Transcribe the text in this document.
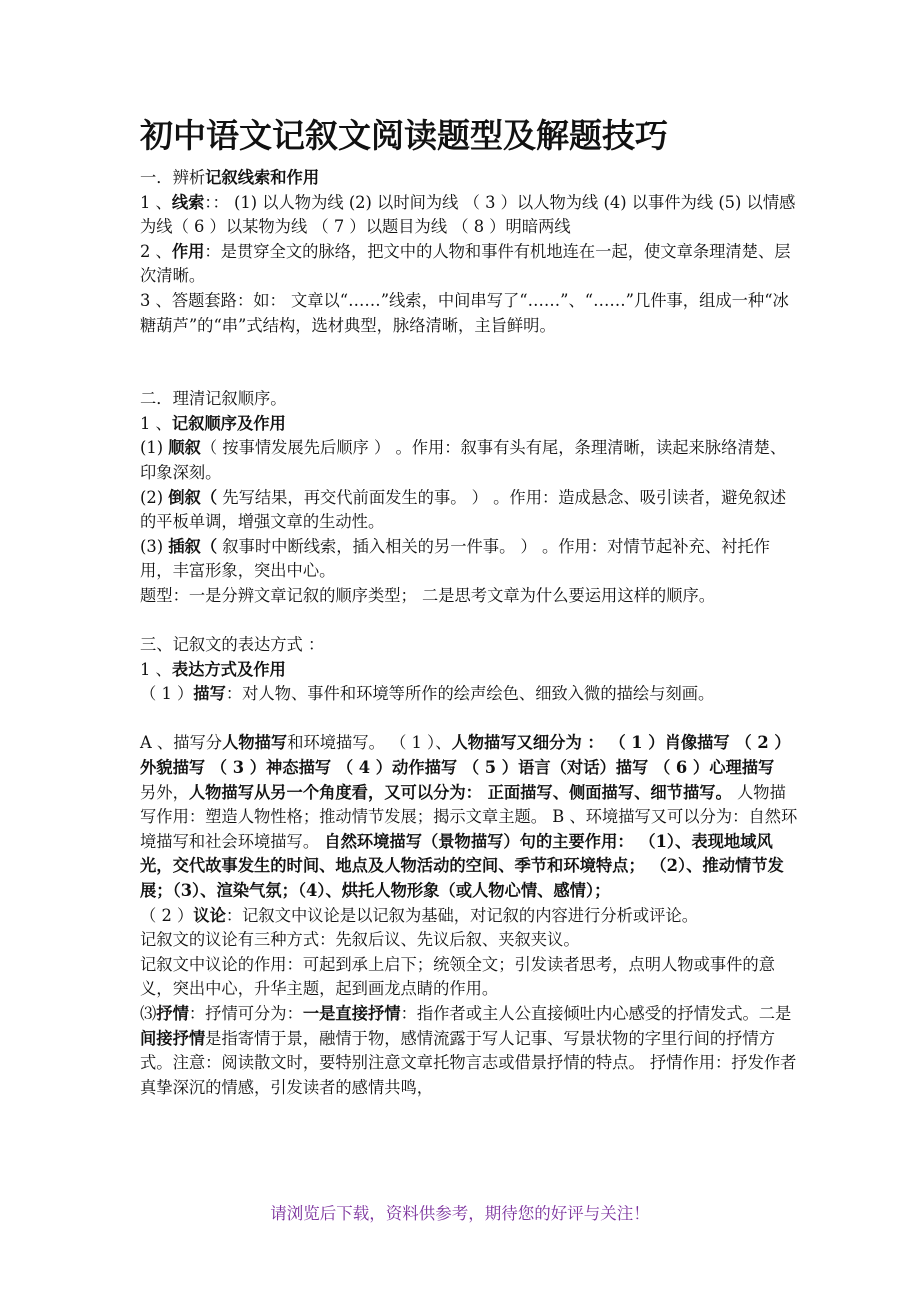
初中语文记叙文阅读题型及解题技巧

一．辨析记叙线索和作用

1 、线索：： (1) 以人物为线 (2) 以时间为线 （ 3 ）以人物为线 (4) 以事件为线 (5) 以情感为线（ 6 ）以某物为线 （ 7 ）以题目为线 （ 8 ）明暗两线

2 、作用：是贯穿全文的脉络，把文中的人物和事件有机地连在一起，使文章条理清楚、层次清晰。

3 、答题套路：如： 文章以“……”线索，中间串写了“……”、“……”几件事，组成一种“冰糖葫芦”的“串”式结构，选材典型，脉络清晰，主旨鲜明。

二．理清记叙顺序。

1 、记叙顺序及作用

(1) 顺叙（ 按事情发展先后顺序 ） 。作用：叙事有头有尾，条理清晰，读起来脉络清楚、印象深刻。

(2) 倒叙（ 先写结果，再交代前面发生的事。 ） 。作用：造成悬念、吸引读者，避免叙述的平板单调，增强文章的生动性。

(3) 插叙（ 叙事时中断线索，插入相关的另一件事。 ） 。作用：对情节起补充、衬托作用，丰富形象，突出中心。

题型：一是分辨文章记叙的顺序类型； 二是思考文章为什么要运用这样的顺序。

三、记叙文的表达方式 ：

1 、表达方式及作用

（ 1 ）描写：对人物、事件和环境等所作的绘声绘色、细致入微的描绘与刻画。

A 、描写分人物描写和环境描写。 （ 1 ）、人物描写又细分为 ： （ 1 ）肖像描写 （ 2 ）外貌描写 （ 3 ）神态描写 （ 4 ）动作描写 （ 5 ）语言（对话）描写 （ 6 ）心理描写

另外，人物描写从另一个角度看，又可以分为： 正面描写、侧面描写、细节描写。 人物描写作用：塑造人物性格；推动情节发展；揭示文章主题。 B 、环境描写又可以分为：自然环境描写和社会环境描写。 自然环境描写（景物描写）句的主要作用： （1）、表现地域风光，交代故事发生的时间、地点及人物活动的空间、季节和环境特点； （2）、推动情节发展；（3）、渲染气氛；（4）、烘托人物形象（或人物心情、感情）；

（ 2 ）议论：记叙文中议论是以记叙为基础，对记叙的内容进行分析或评论。

记叙文的议论有三种方式：先叙后议、先议后叙、夹叙夹议。

记叙文中议论的作用：可起到承上启下；统领全文；引发读者思考，点明人物或事件的意义，突出中心，升华主题，起到画龙点睛的作用。

⑶抒情：抒情可分为：一是直接抒情：指作者或主人公直接倾吐内心感受的抒情发式。二是间接抒情是指寄情于景，融情于物，感情流露于写人记事、写景状物的字里行间的抒情方式。注意：阅读散文时，要特别注意文章托物言志或借景抒情的特点。 抒情作用：抒发作者真挚深沉的情感，引发读者的感情共鸣，

请浏览后下载，资料供参考，期待您的好评与关注！
